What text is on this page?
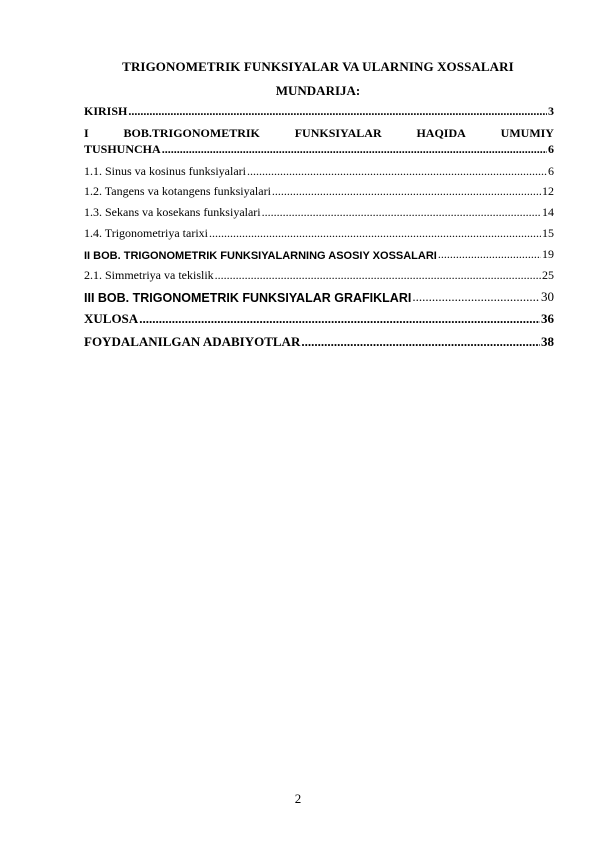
TRIGONOMETRIK FUNKSIYALAR VA ULARNING XOSSALARI
MUNDARIJA:
KIRISH .....	3
I	BOB.TRIGONOMETRIK	FUNKSIYALAR	HAQIDA	UMUMIY
TUSHUNCHA .....	6
1.1. Sinus va kosinus funksiyalari .....	6
1.2. Tangens va kotangens funksiyalari .....	12
1.3. Sekans va kosekans funksiyalari .....	14
1.4. Trigonometriya tarixi .....	15
II BOB. TRIGONOMETRIK FUNKSIYALARNING ASOSIY XOSSALARI .....	19
2.1. Simmetriya va tekislik .....	25
III BOB. TRIGONOMETRIK FUNKSIYALAR GRAFIKLARI .....	30
XULOSA .....	36
FOYDALANILGAN ADABIYOTLAR .....	38
2
